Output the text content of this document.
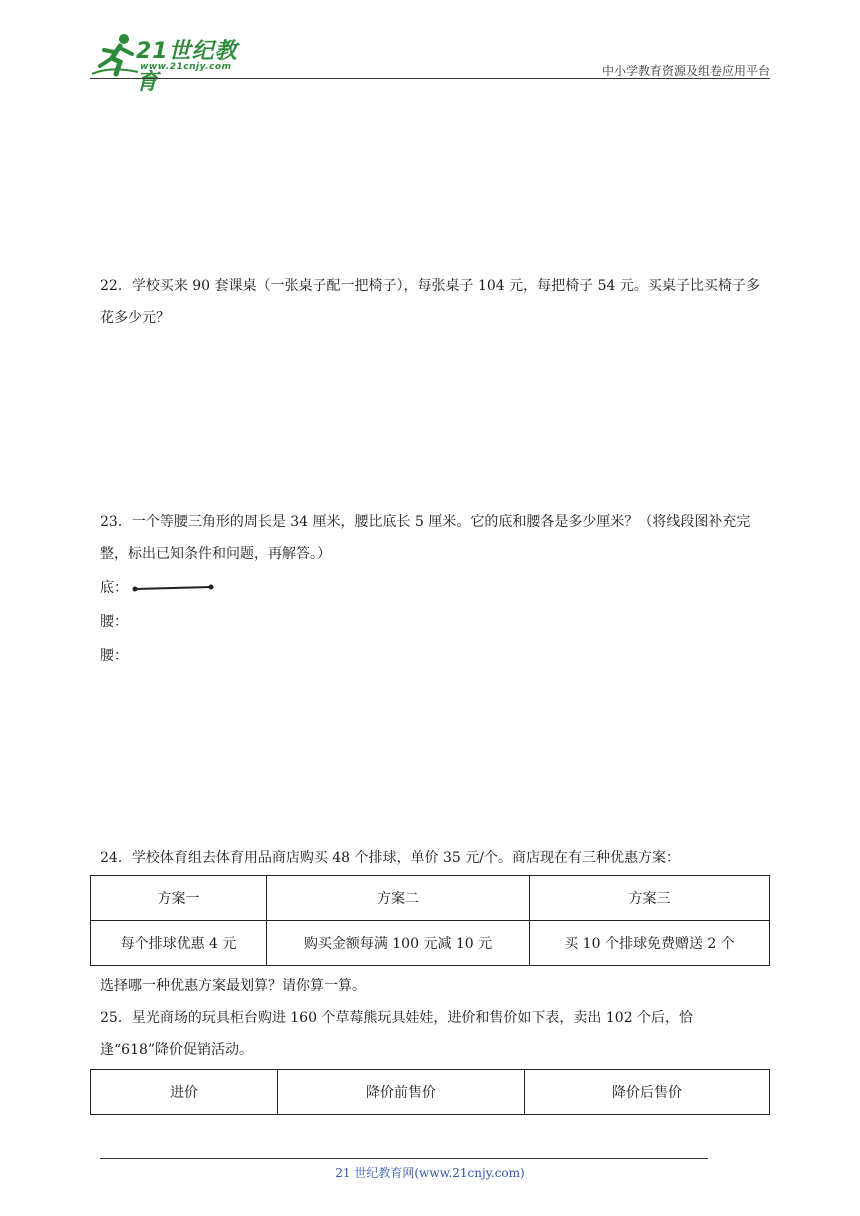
21世纪教育
www.21cnjy.com	中小学教育资源及组卷应用平台

22．学校买来 90 套课桌（一张桌子配一把椅子），每张桌子 104 元，每把椅子 54 元。买桌子比买椅子多花多少元？

23．一个等腰三角形的周长是 34 厘米，腰比底长 5 厘米。它的底和腰各是多少厘米？（将线段图补充完整，标出已知条件和问题，再解答。）

底：
腰：
腰：

24．学校体育组去体育用品商店购买 48 个排球，单价 35 元/个。商店现在有三种优惠方案：

方案一	方案二	方案三
每个排球优惠 4 元	购买金额每满 100 元减 10 元	买 10 个排球免费赠送 2 个

选择哪一种优惠方案最划算？请你算一算。

25．星光商场的玩具柜台购进 160 个草莓熊玩具娃娃，进价和售价如下表，卖出 102 个后，恰逢“618”降价促销活动。

进价	降价前售价	降价后售价
21 世纪教育网(www.21cnjy.com)
